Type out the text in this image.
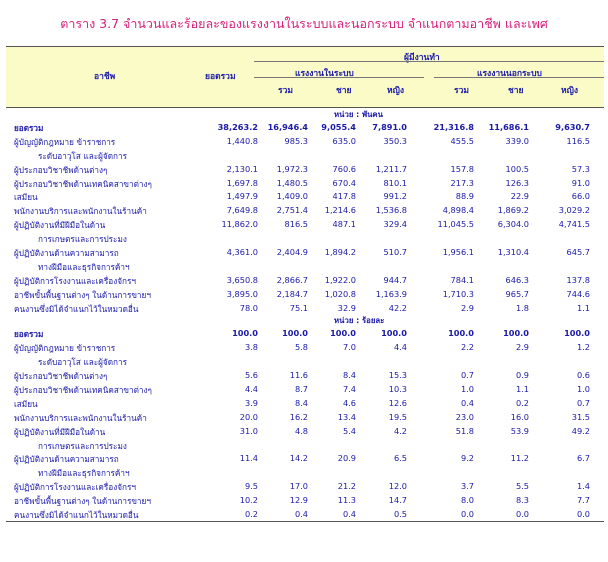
ตาราง 3.7 จำนวนและร้อยละของแรงงานในระบบและนอกระบบ จำแนกตามอาชีพ และเพศ
อาชีพ	ยอดรวม
ผู้มีงานทำ
แรงงานในระบบ	แรงงานนอกระบบ
รวม	ชาย	หญิง	รวม	ชาย	หญิง
หน่วย : พันคน
ยอดรวม	38,263.2	16,946.4	9,055.4	7,891.0	21,316.8	11,686.1	9,630.7
ผู้บัญญัติกฎหมาย ข้าราชการ	1,440.8	985.3	635.0	350.3	455.5	339.0	116.5
ระดับอาวุโส และผู้จัดการ
ผู้ประกอบวิชาชีพด้านต่างๆ	2,130.1	1,972.3	760.6	1,211.7	157.8	100.5	57.3
ผู้ประกอบวิชาชีพด้านเทคนิคสาขาต่างๆ	1,697.8	1,480.5	670.4	810.1	217.3	126.3	91.0
เสมียน	1,497.9	1,409.0	417.8	991.2	88.9	22.9	66.0
พนักงานบริการและพนักงานในร้านค้า	7,649.8	2,751.4	1,214.6	1,536.8	4,898.4	1,869.2	3,029.2
ผู้ปฏิบัติงานที่มีฝีมือในด้าน	11,862.0	816.5	487.1	329.4	11,045.5	6,304.0	4,741.5
การเกษตรและการประมง
ผู้ปฏิบัติงานด้านความสามารถ	4,361.0	2,404.9	1,894.2	510.7	1,956.1	1,310.4	645.7
ทางฝีมือและธุรกิจการค้าฯ
ผู้ปฏิบัติการโรงงานและเครื่องจักรฯ	3,650.8	2,866.7	1,922.0	944.7	784.1	646.3	137.8
อาชีพขั้นพื้นฐานต่างๆ ในด้านการขายฯ	3,895.0	2,184.7	1,020.8	1,163.9	1,710.3	965.7	744.6
คนงานซึ่งมิได้จำแนกไว้ในหมวดอื่น	78.0	75.1	32.9	42.2	2.9	1.8	1.1
หน่วย : ร้อยละ
ยอดรวม	100.0	100.0	100.0	100.0	100.0	100.0	100.0
ผู้บัญญัติกฎหมาย ข้าราชการ	3.8	5.8	7.0	4.4	2.2	2.9	1.2
ระดับอาวุโส และผู้จัดการ
ผู้ประกอบวิชาชีพด้านต่างๆ	5.6	11.6	8.4	15.3	0.7	0.9	0.6
ผู้ประกอบวิชาชีพด้านเทคนิคสาขาต่างๆ	4.4	8.7	7.4	10.3	1.0	1.1	1.0
เสมียน	3.9	8.4	4.6	12.6	0.4	0.2	0.7
พนักงานบริการและพนักงานในร้านค้า	20.0	16.2	13.4	19.5	23.0	16.0	31.5
ผู้ปฏิบัติงานที่มีฝีมือในด้าน	31.0	4.8	5.4	4.2	51.8	53.9	49.2
การเกษตรและการประมง
ผู้ปฏิบัติงานด้านความสามารถ	11.4	14.2	20.9	6.5	9.2	11.2	6.7
ทางฝีมือและธุรกิจการค้าฯ
ผู้ปฏิบัติการโรงงานและเครื่องจักรฯ	9.5	17.0	21.2	12.0	3.7	5.5	1.4
อาชีพขั้นพื้นฐานต่างๆ ในด้านการขายฯ	10.2	12.9	11.3	14.7	8.0	8.3	7.7
คนงานซึ่งมิได้จำแนกไว้ในหมวดอื่น	0.2	0.4	0.4	0.5	0.0	0.0	0.0
